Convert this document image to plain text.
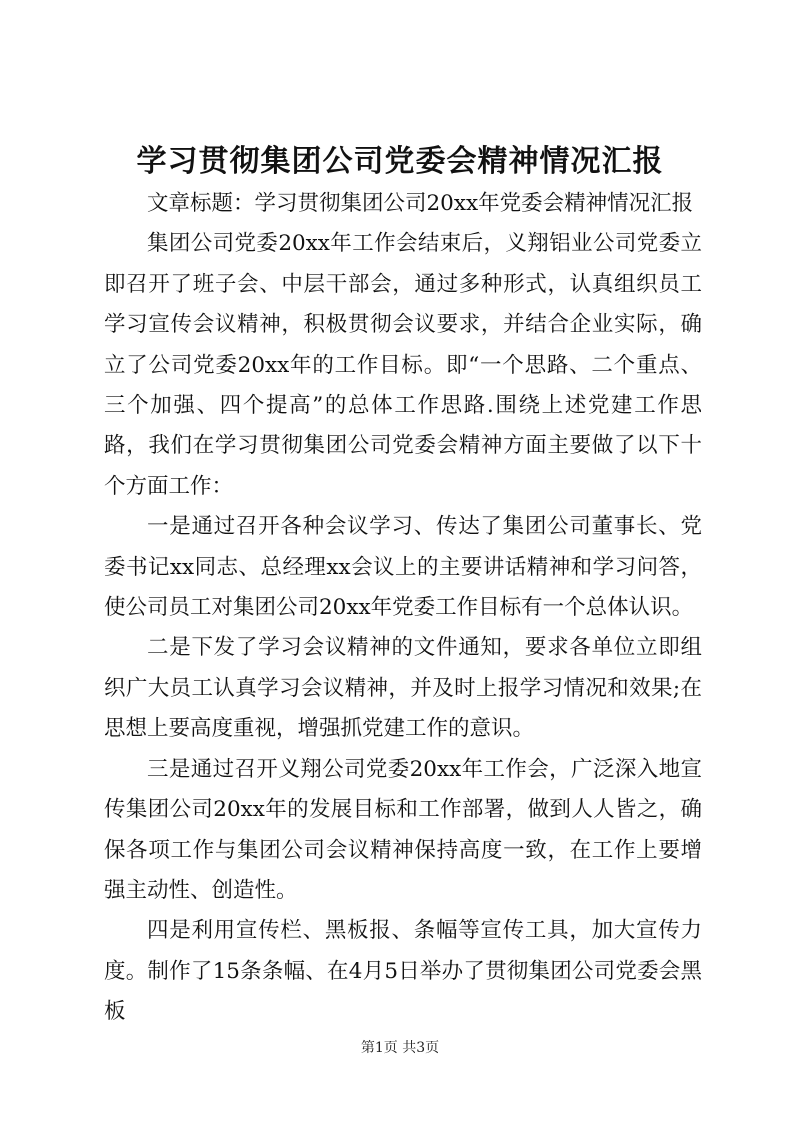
学习贯彻集团公司党委会精神情况汇报

文章标题：学习贯彻集团公司20xx年党委会精神情况汇报

集团公司党委20xx年工作会结束后，义翔铝业公司党委立即召开了班子会、中层干部会，通过多种形式，认真组织员工学习宣传会议精神，积极贯彻会议要求，并结合企业实际，确立了公司党委20xx年的工作目标。即“一个思路、二个重点、三个加强、四个提高”的总体工作思路.围绕上述党建工作思路，我们在学习贯彻集团公司党委会精神方面主要做了以下十个方面工作：

一是通过召开各种会议学习、传达了集团公司董事长、党委书记xx同志、总经理xx会议上的主要讲话精神和学习问答，使公司员工对集团公司20xx年党委工作目标有一个总体认识。

二是下发了学习会议精神的文件通知，要求各单位立即组织广大员工认真学习会议精神，并及时上报学习情况和效果;在思想上要高度重视，增强抓党建工作的意识。

三是通过召开义翔公司党委20xx年工作会，广泛深入地宣传集团公司20xx年的发展目标和工作部署，做到人人皆之，确保各项工作与集团公司会议精神保持高度一致，在工作上要增强主动性、创造性。

四是利用宣传栏、黑板报、条幅等宣传工具，加大宣传力度。制作了15条条幅、在4月5日举办了贯彻集团公司党委会黑板

第1页 共3页
